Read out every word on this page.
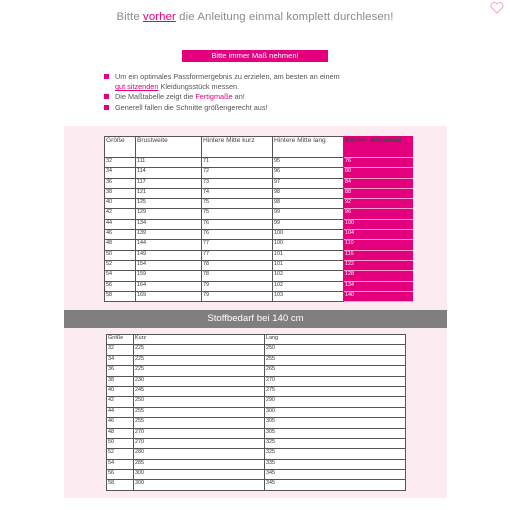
Bitte vorher die Anleitung einmal komplett durchlesen!
Bitte immer Maß nehmen!
Um ein optimales Passformergebnis zu erzielen, am besten an einem
gut sitzenden Kleidungsstück messen.
Die Maßtabelle zeigt die Fertigmaße an!
Generell fallen die Schnitte größengerecht aus!
Größe	Brustweite	Hintere Mitte kurz	Hintere Mitte lang	Körper- Brustmaß
32	111	71	95	76
34	114	72	96	80
36	117	73	97	84
38	121	74	98	88
40	125	75	98	92
42	129	75	99	96
44	134	76	99	100
46	139	76	100	104
48	144	77	100	110
50	149	77	101	116
52	154	78	101	122
54	159	78	102	128
56	164	79	102	134
58	169	79	103	140
Stoffbedarf bei 140 cm
Größe	Kurz	Lang
32	225	250
34	225	255
36	225	265
38	230	270
40	245	275
42	250	290
44	255	300
46	255	305
48	270	305
50	270	325
52	280	325
54	285	335
56	300	345
58	300	345
